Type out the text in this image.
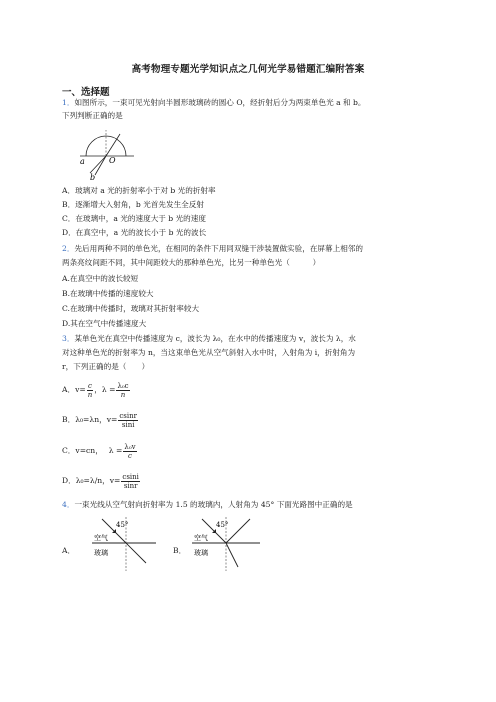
高考物理专题光学知识点之几何光学易错题汇编附答案
一、选择题
1．如图所示，一束可见光射向半圆形玻璃砖的圆心 O，经折射后分为两束单色光 a 和 b。
下列判断正确的是
a	O
b
A．玻璃对 a 光的折射率小于对 b 光的折射率
B．逐渐增大入射角，b 光首先发生全反射
C．在玻璃中，a 光的速度大于 b 光的速度
D．在真空中，a 光的波长小于 b 光的波长
2．先后用两种不同的单色光，在相同的条件下用同双缝干涉装置做实验，在屏幕上相邻的
两条亮纹间距不同，其中间距较大的那种单色光，比另一种单色光（　　　）
A.在真空中的波长较短
B.在玻璃中传播的速度较大
C.在玻璃中传播时，玻璃对其折射率较大
D.其在空气中传播速度大
3．某单色光在真空中传播速度为 c，波长为 λ₀，在水中的传播速度为 v，波长为 λ，水
对这种单色光的折射率为 n，当这束单色光从空气斜射入水中时，入射角为 i，折射角为
r，下列正确的是（　　）
A．$v= \frac{c}{n}$ ，$\lambda = \frac{\text{λ₀c}}{n}$
B．λ₀=λn，$v= \frac{csinr}{\sin i}$
C．v=cn， $\lambda = \frac{\text{λ₀v}}{c}$
D．λ₀=λ/n，$v= \frac{csini}{\sin r}$
4．一束光线从空气射向折射率为 1.5 的玻璃内，人射角为 45° 下面光路图中正确的是
A．
45°
空气
玻璃	B．
45°
空气
玻璃
